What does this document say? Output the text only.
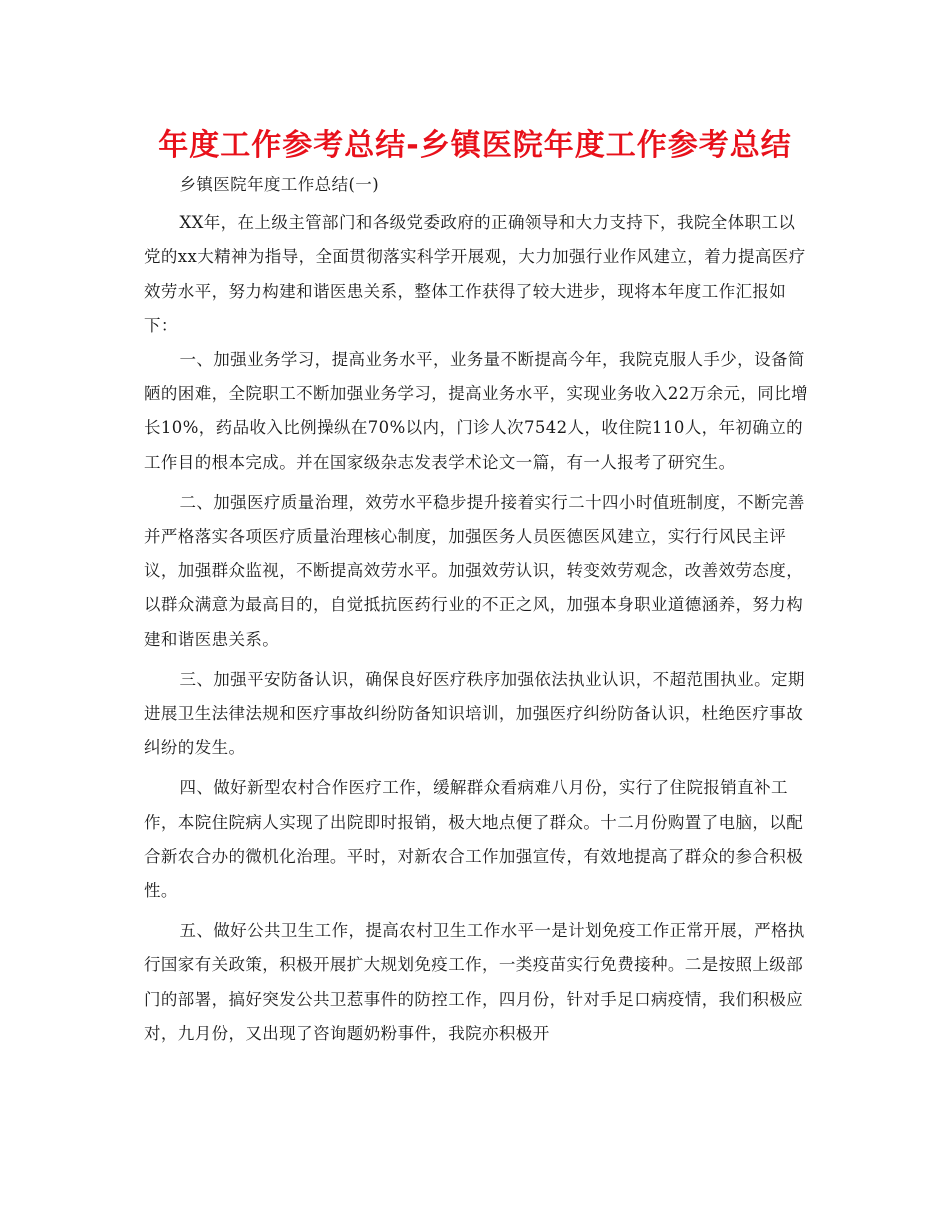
年度工作参考总结-乡镇医院年度工作参考总结

乡镇医院年度工作总结(一)

XX年，在上级主管部门和各级党委政府的正确领导和大力支持下，我院全体职工以党的xx大精神为指导，全面贯彻落实科学开展观，大力加强行业作风建立，着力提高医疗效劳水平，努力构建和谐医患关系，整体工作获得了较大进步，现将本年度工作汇报如下：

一、加强业务学习，提高业务水平，业务量不断提高今年，我院克服人手少，设备简陋的困难，全院职工不断加强业务学习，提高业务水平，实现业务收入22万余元，同比增长10%，药品收入比例操纵在70%以内，门诊人次7542人，收住院110人，年初确立的工作目的根本完成。并在国家级杂志发表学术论文一篇，有一人报考了研究生。

二、加强医疗质量治理，效劳水平稳步提升接着实行二十四小时值班制度，不断完善并严格落实各项医疗质量治理核心制度，加强医务人员医德医风建立，实行行风民主评议，加强群众监视，不断提高效劳水平。加强效劳认识，转变效劳观念，改善效劳态度，以群众满意为最高目的，自觉抵抗医药行业的不正之风，加强本身职业道德涵养，努力构建和谐医患关系。

三、加强平安防备认识，确保良好医疗秩序加强依法执业认识，不超范围执业。定期进展卫生法律法规和医疗事故纠纷防备知识培训，加强医疗纠纷防备认识，杜绝医疗事故纠纷的发生。

四、做好新型农村合作医疗工作，缓解群众看病难八月份，实行了住院报销直补工作，本院住院病人实现了出院即时报销，极大地点便了群众。十二月份购置了电脑，以配合新农合办的微机化治理。平时，对新农合工作加强宣传，有效地提高了群众的参合积极性。

五、做好公共卫生工作，提高农村卫生工作水平一是计划免疫工作正常开展，严格执行国家有关政策，积极开展扩大规划免疫工作，一类疫苗实行免费接种。二是按照上级部门的部署，搞好突发公共卫惹事件的防控工作，四月份，针对手足口病疫情，我们积极应对，九月份，又出现了咨询题奶粉事件，我院亦积极开
